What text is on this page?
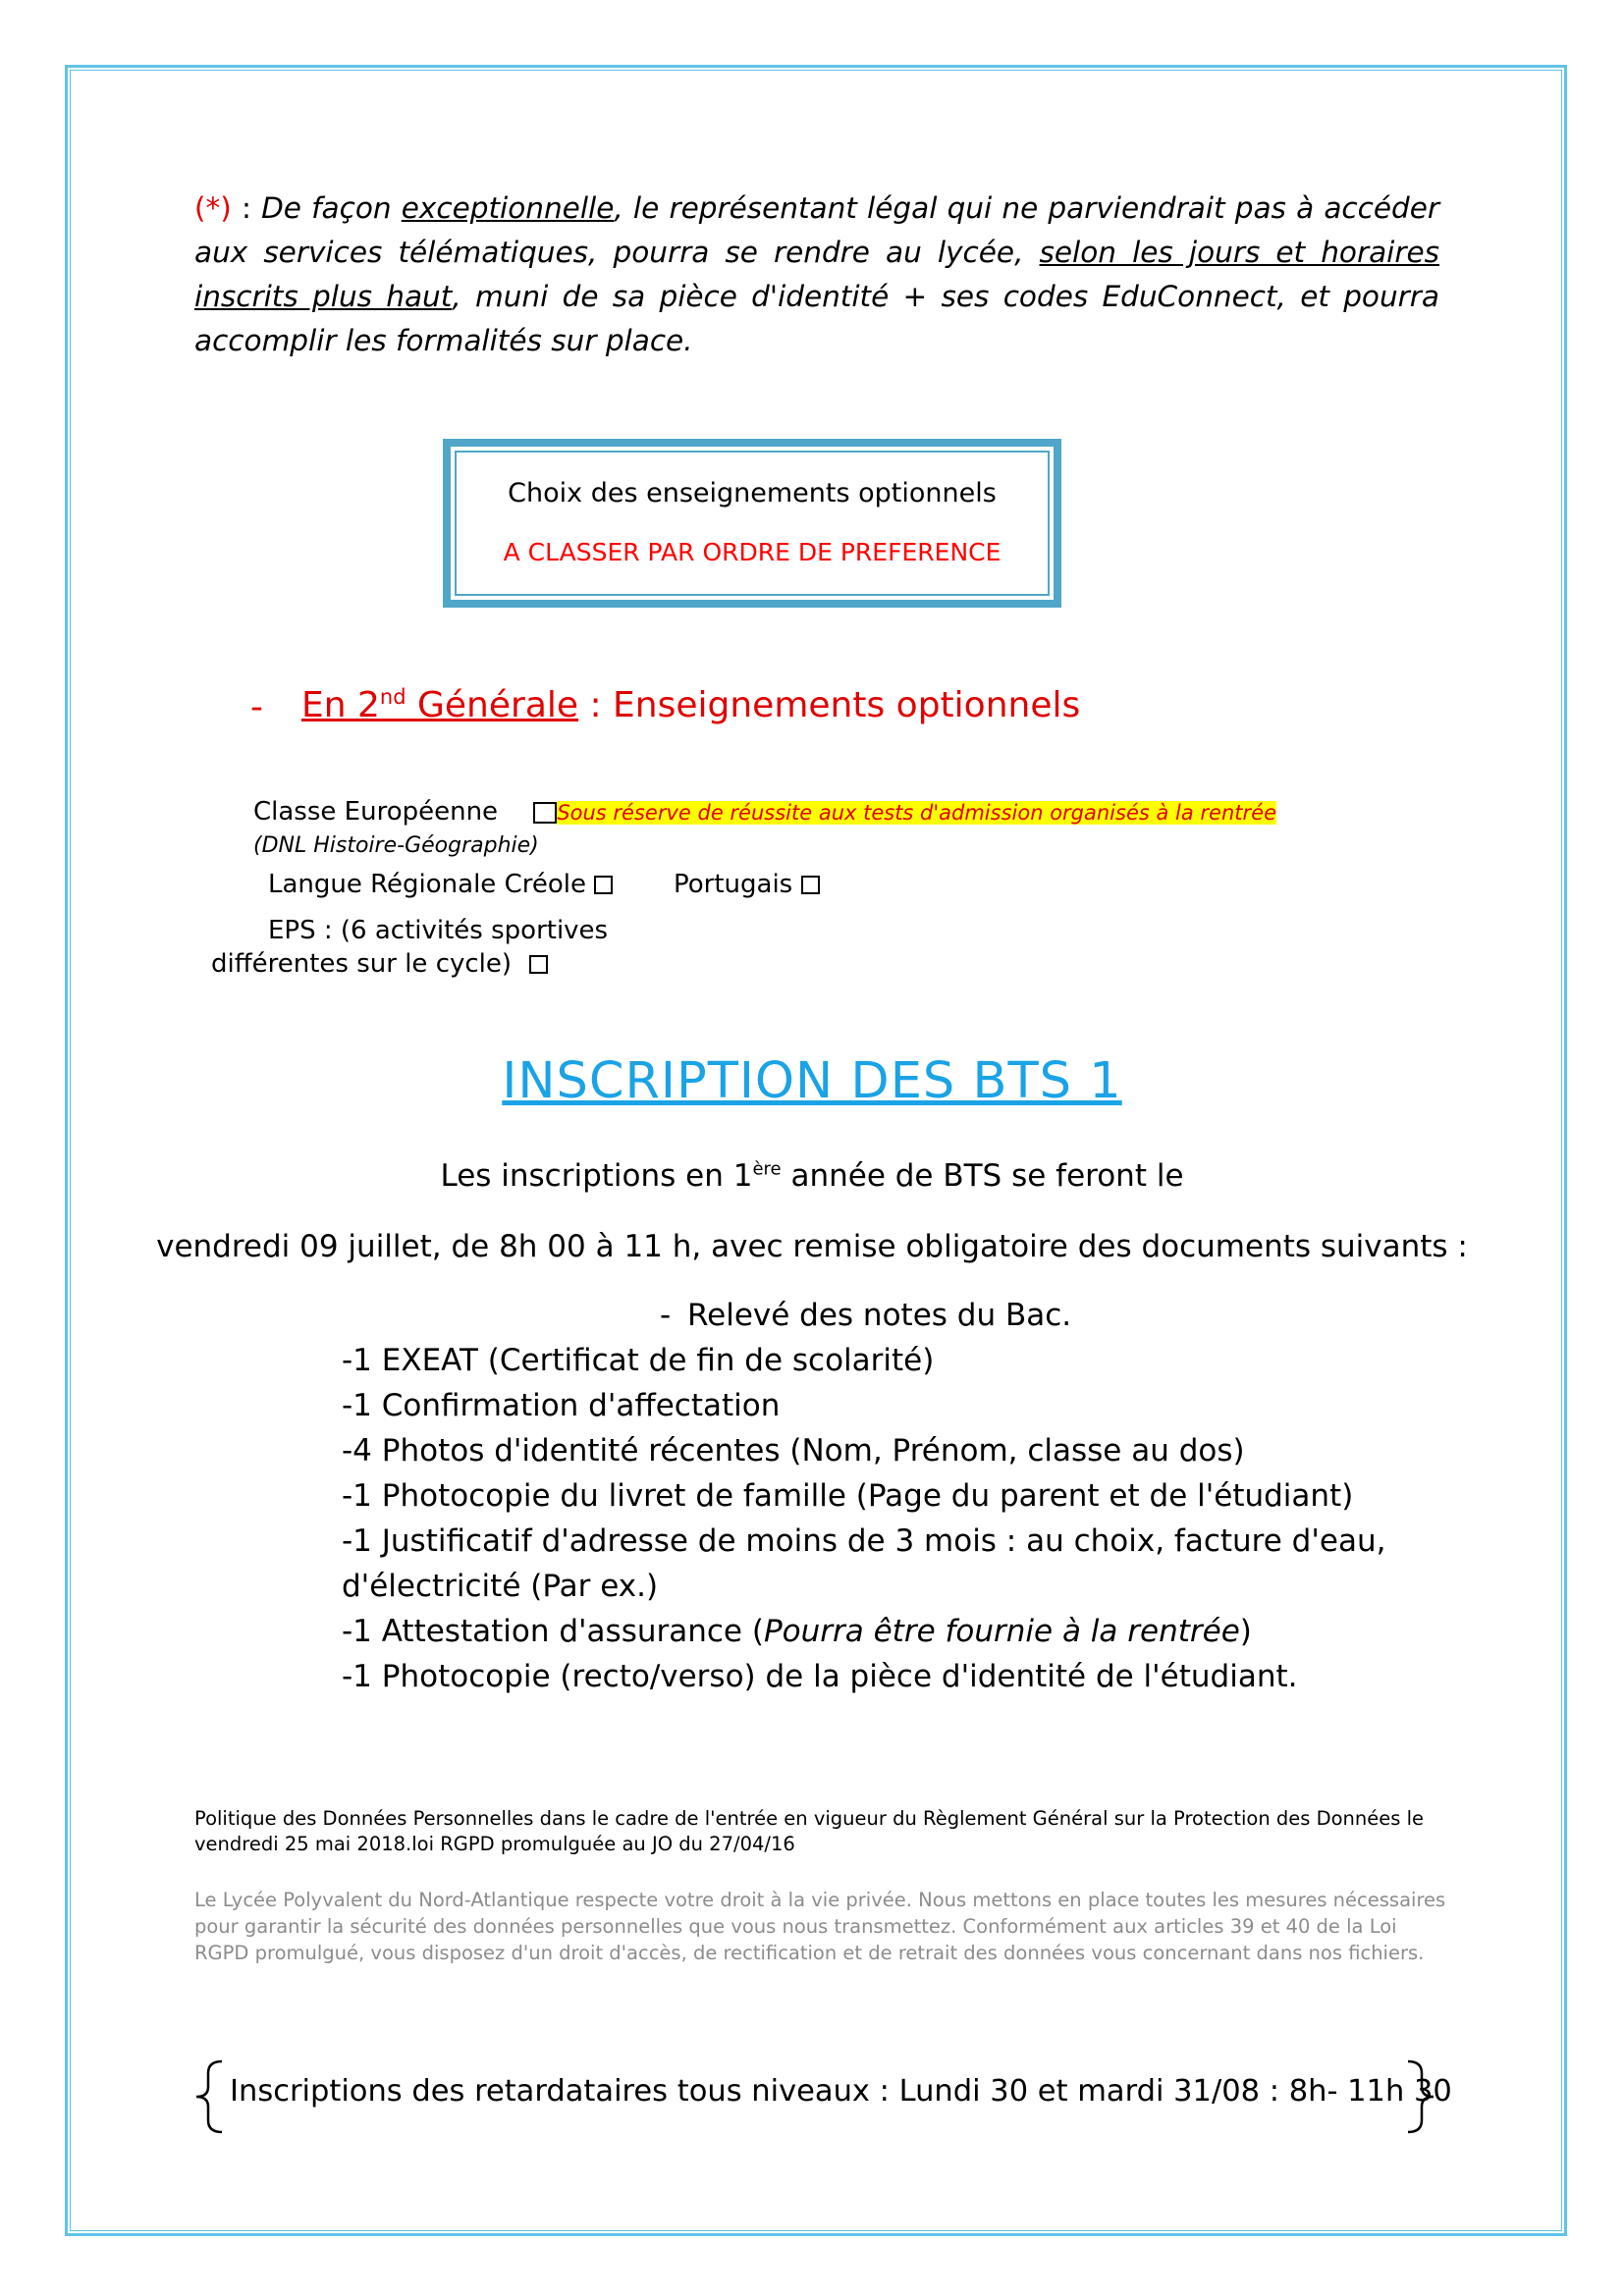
(*) : De façon exceptionnelle, le représentant légal qui ne parviendrait pas à accéder aux services télématiques, pourra se rendre au lycée, selon les jours et horaires inscrits plus haut, muni de sa pièce d'identité + ses codes EduConnect, et pourra accomplir les formalités sur place.
Choix des enseignements optionnels
A CLASSER PAR ORDRE DE PREFERENCE
- En 2nd Générale : Enseignements optionnels
Classe Européenne	Sous réserve de réussite aux tests d'admission organisés à la rentrée
(DNL Histoire-Géographie)
Langue Régionale Créole	Portugais
EPS : (6 activités sportives
différentes sur le cycle)
INSCRIPTION DES BTS 1
Les inscriptions en 1ère année de BTS se feront le
vendredi 09 juillet, de 8h 00 à 11 h, avec remise obligatoire des documents suivants :
- Relevé des notes du Bac.
-1 EXEAT (Certificat de fin de scolarité)
-1 Confirmation d'affectation
-4 Photos d'identité récentes (Nom, Prénom, classe au dos)
-1 Photocopie du livret de famille (Page du parent et de l'étudiant)
-1 Justificatif d'adresse de moins de 3 mois : au choix, facture d'eau,
d'électricité (Par ex.)
-1 Attestation d'assurance (Pourra être fournie à la rentrée)
-1 Photocopie (recto/verso) de la pièce d'identité de l'étudiant.
Politique des Données Personnelles dans le cadre de l'entrée en vigueur du Règlement Général sur la Protection des Données le vendredi 25 mai 2018.loi RGPD promulguée au JO du 27/04/16
Le Lycée Polyvalent du Nord-Atlantique respecte votre droit à la vie privée. Nous mettons en place toutes les mesures nécessaires pour garantir la sécurité des données personnelles que vous nous transmettez. Conformément aux articles 39 et 40 de la Loi RGPD promulgué, vous disposez d'un droit d'accès, de rectification et de retrait des données vous concernant dans nos fichiers.
Inscriptions des retardataires tous niveaux : Lundi 30 et mardi 31/08 : 8h- 11h 30
